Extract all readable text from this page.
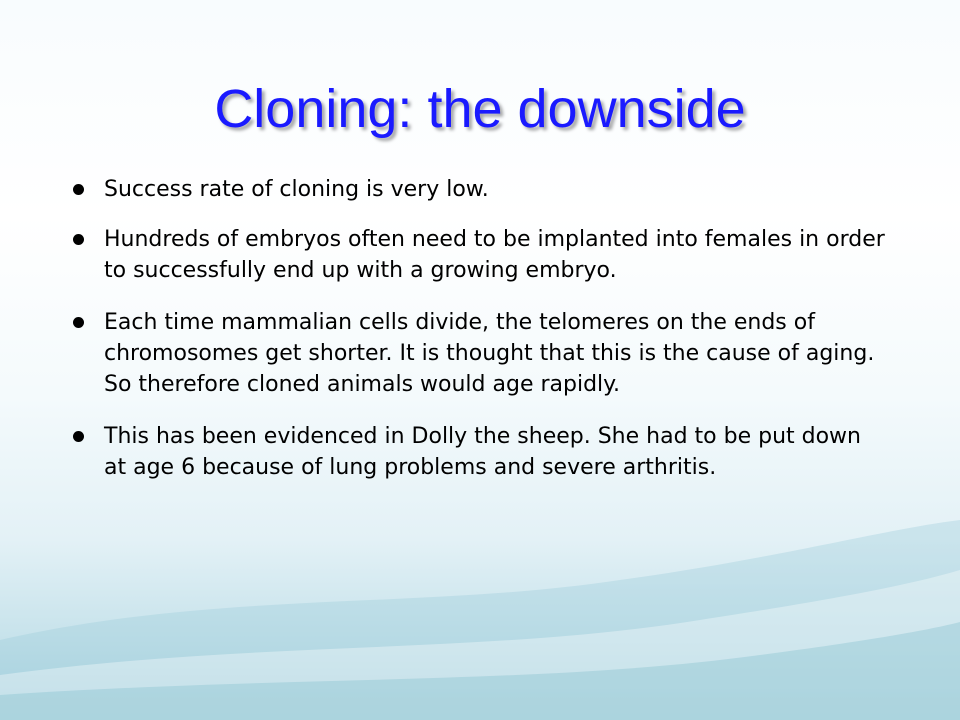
Cloning: the downside
Success rate of cloning is very low.
Hundreds of embryos often need to be implanted into females in order to successfully end up with a growing embryo.
Each time mammalian cells divide, the telomeres on the ends of chromosomes get shorter. It is thought that this is the cause of aging. So therefore cloned animals would age rapidly.
This has been evidenced in Dolly the sheep. She had to be put down at age 6 because of lung problems and severe arthritis.
